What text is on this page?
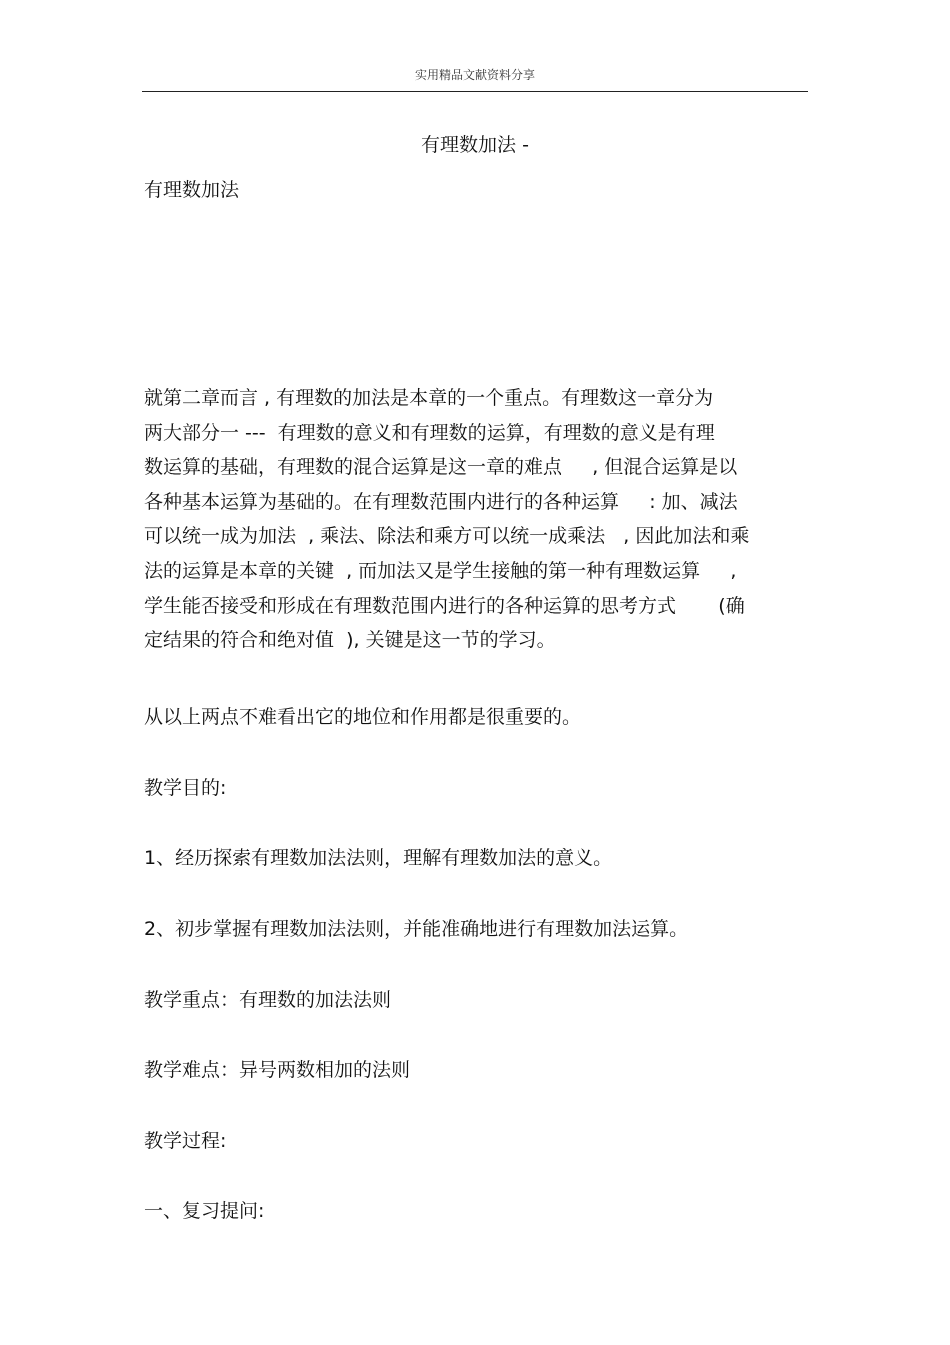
实用精品文献资料分享
有理数加法 -
有理数加法
就第二章而言 , 有理数的加法是本章的一个重点。有理数这一章分为
两大部分一 ---  有理数的意义和有理数的运算，有理数的意义是有理
数运算的基础，有理数的混合运算是这一章的难点     , 但混合运算是以
各种基本运算为基础的。在有理数范围内进行的各种运算     : 加、减法
可以统一成为加法  , 乘法、除法和乘方可以统一成乘法   , 因此加法和乘
法的运算是本章的关键  , 而加法又是学生接触的第一种有理数运算     ,
学生能否接受和形成在有理数范围内进行的各种运算的思考方式       (确
定结果的符合和绝对值  ), 关键是这一节的学习。
从以上两点不难看出它的地位和作用都是很重要的。
教学目的:
1、经历探索有理数加法法则，理解有理数加法的意义。
2、初步掌握有理数加法法则，并能准确地进行有理数加法运算。
教学重点：有理数的加法法则
教学难点：异号两数相加的法则
教学过程:
一、复习提问:
